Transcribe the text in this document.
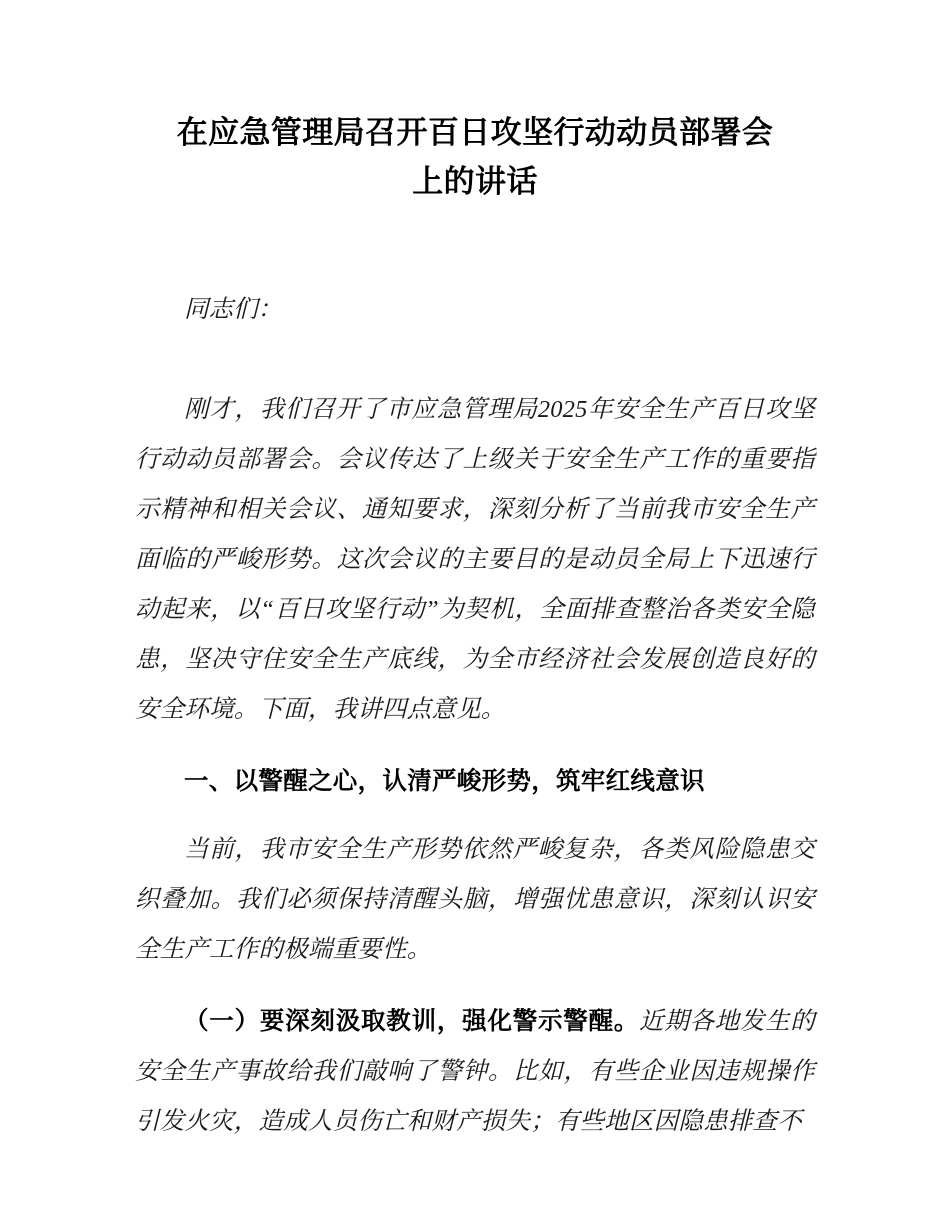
在应急管理局召开百日攻坚行动动员部署会
上的讲话

同志们：

刚才，我们召开了市应急管理局2025年安全生产百日攻坚行动动员部署会。会议传达了上级关于安全生产工作的重要指示精神和相关会议、通知要求，深刻分析了当前我市安全生产面临的严峻形势。这次会议的主要目的是动员全局上下迅速行动起来，以“百日攻坚行动”为契机，全面排查整治各类安全隐患，坚决守住安全生产底线，为全市经济社会发展创造良好的安全环境。下面，我讲四点意见。

一、以警醒之心，认清严峻形势，筑牢红线意识

当前，我市安全生产形势依然严峻复杂，各类风险隐患交织叠加。我们必须保持清醒头脑，增强忧患意识，深刻认识安全生产工作的极端重要性。

（一）要深刻汲取教训，强化警示警醒。近期各地发生的安全生产事故给我们敲响了警钟。比如，有些企业因违规操作引发火灾，造成人员伤亡和财产损失；有些地区因隐患排查不
